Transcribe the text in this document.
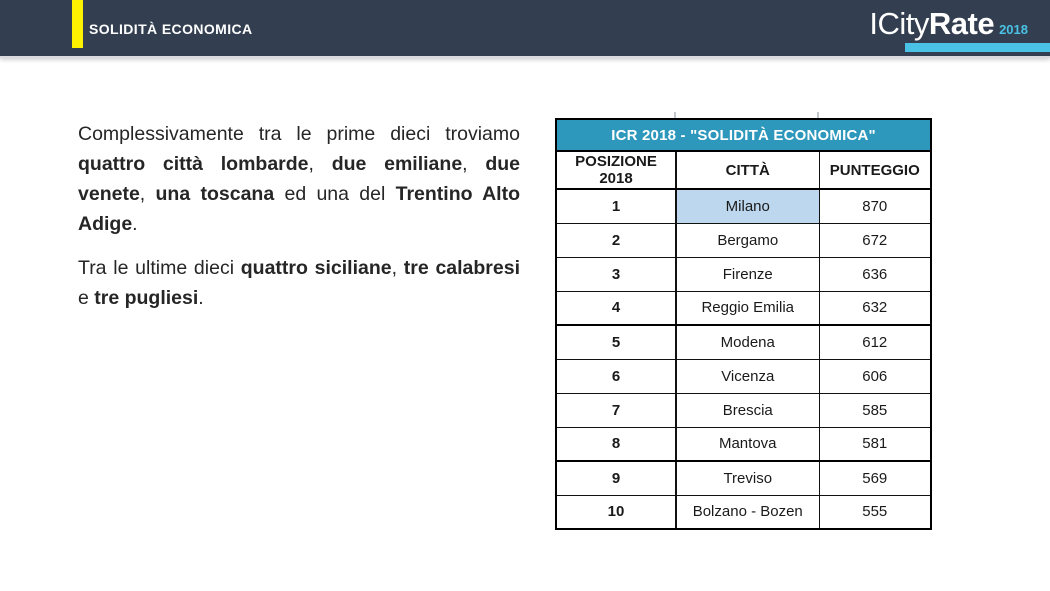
SOLIDITÀ ECONOMICA	ICity Rate 2018

Complessivamente tra le prime dieci troviamo quattro città lombarde, due emiliane, due venete, una toscana ed una del Trentino Alto Adige.

Tra le ultime dieci quattro siciliane, tre calabresi e tre pugliesi.

ICR 2018 - "SOLIDITÀ ECONOMICA"		
POSIZIONE 2018	CITTÀ	PUNTEGGIO
1	Milano	870
2	Bergamo	672
3	Firenze	636
4	Reggio Emilia	632
5	Modena	612
6	Vicenza	606
7	Brescia	585
8	Mantova	581
9	Treviso	569
10	Bolzano - Bozen	555
